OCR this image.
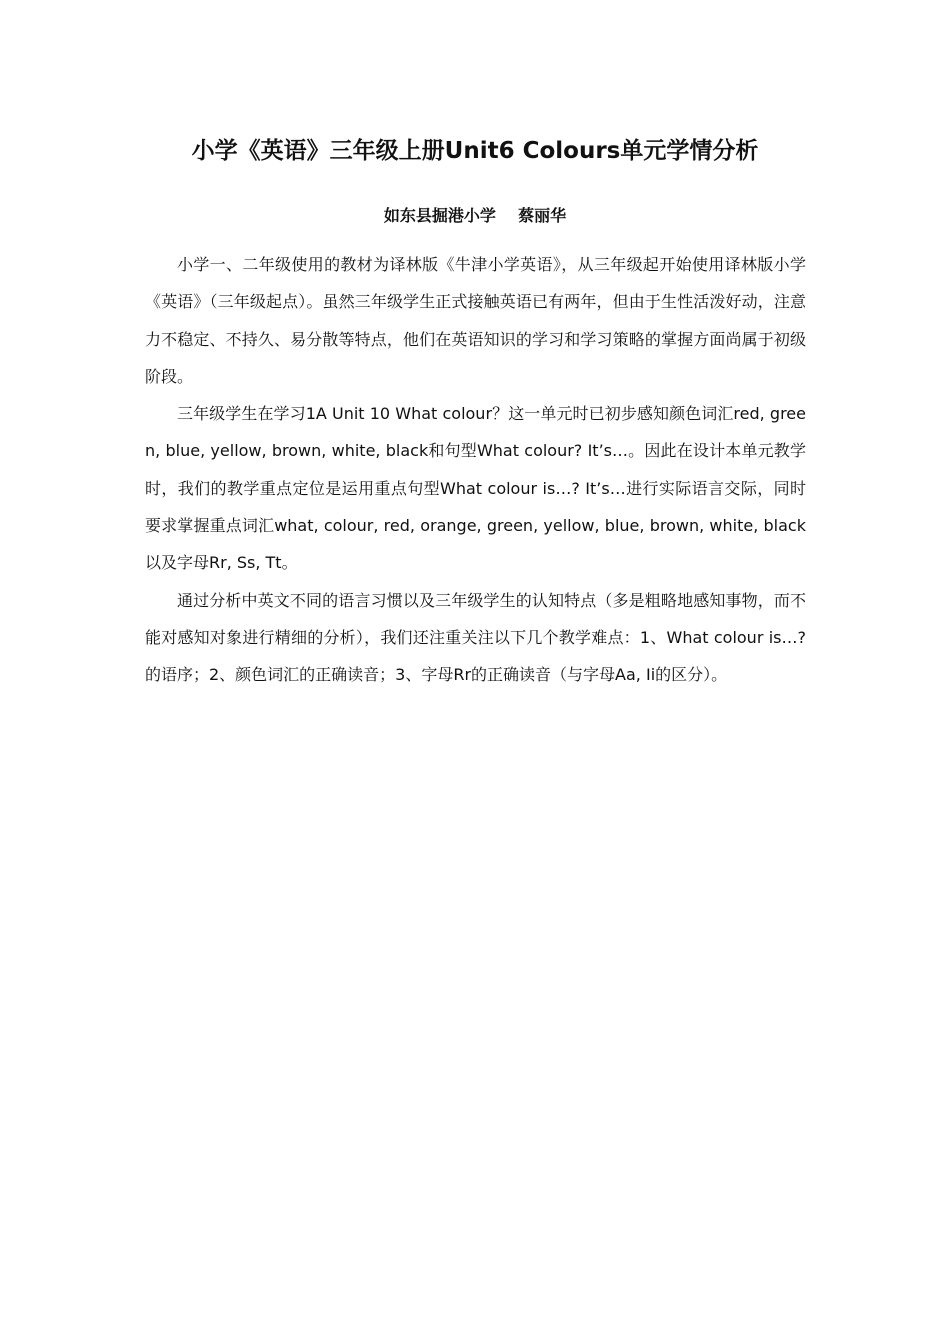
小学《英语》三年级上册Unit6 Colours单元学情分析
如东县掘港小学    蔡丽华

小学一、二年级使用的教材为译林版《牛津小学英语》，从三年级起开始使用译林版小学《英语》（三年级起点）。虽然三年级学生正式接触英语已有两年，但由于生性活泼好动，注意力不稳定、不持久、易分散等特点，他们在英语知识的学习和学习策略的掌握方面尚属于初级阶段。

三年级学生在学习1A Unit 10 What colour？这一单元时已初步感知颜色词汇red, green, blue, yellow, brown, white, black和句型What colour? It’s…。因此在设计本单元教学时，我们的教学重点定位是运用重点句型What colour is…? It’s…进行实际语言交际，同时要求掌握重点词汇what, colour, red, orange, green, yellow, blue, brown, white, black以及字母Rr, Ss, Tt。

通过分析中英文不同的语言习惯以及三年级学生的认知特点（多是粗略地感知事物，而不能对感知对象进行精细的分析），我们还注重关注以下几个教学难点：1、What colour is…? 的语序；2、颜色词汇的正确读音；3、字母Rr的正确读音（与字母Aa, Ii的区分）。
